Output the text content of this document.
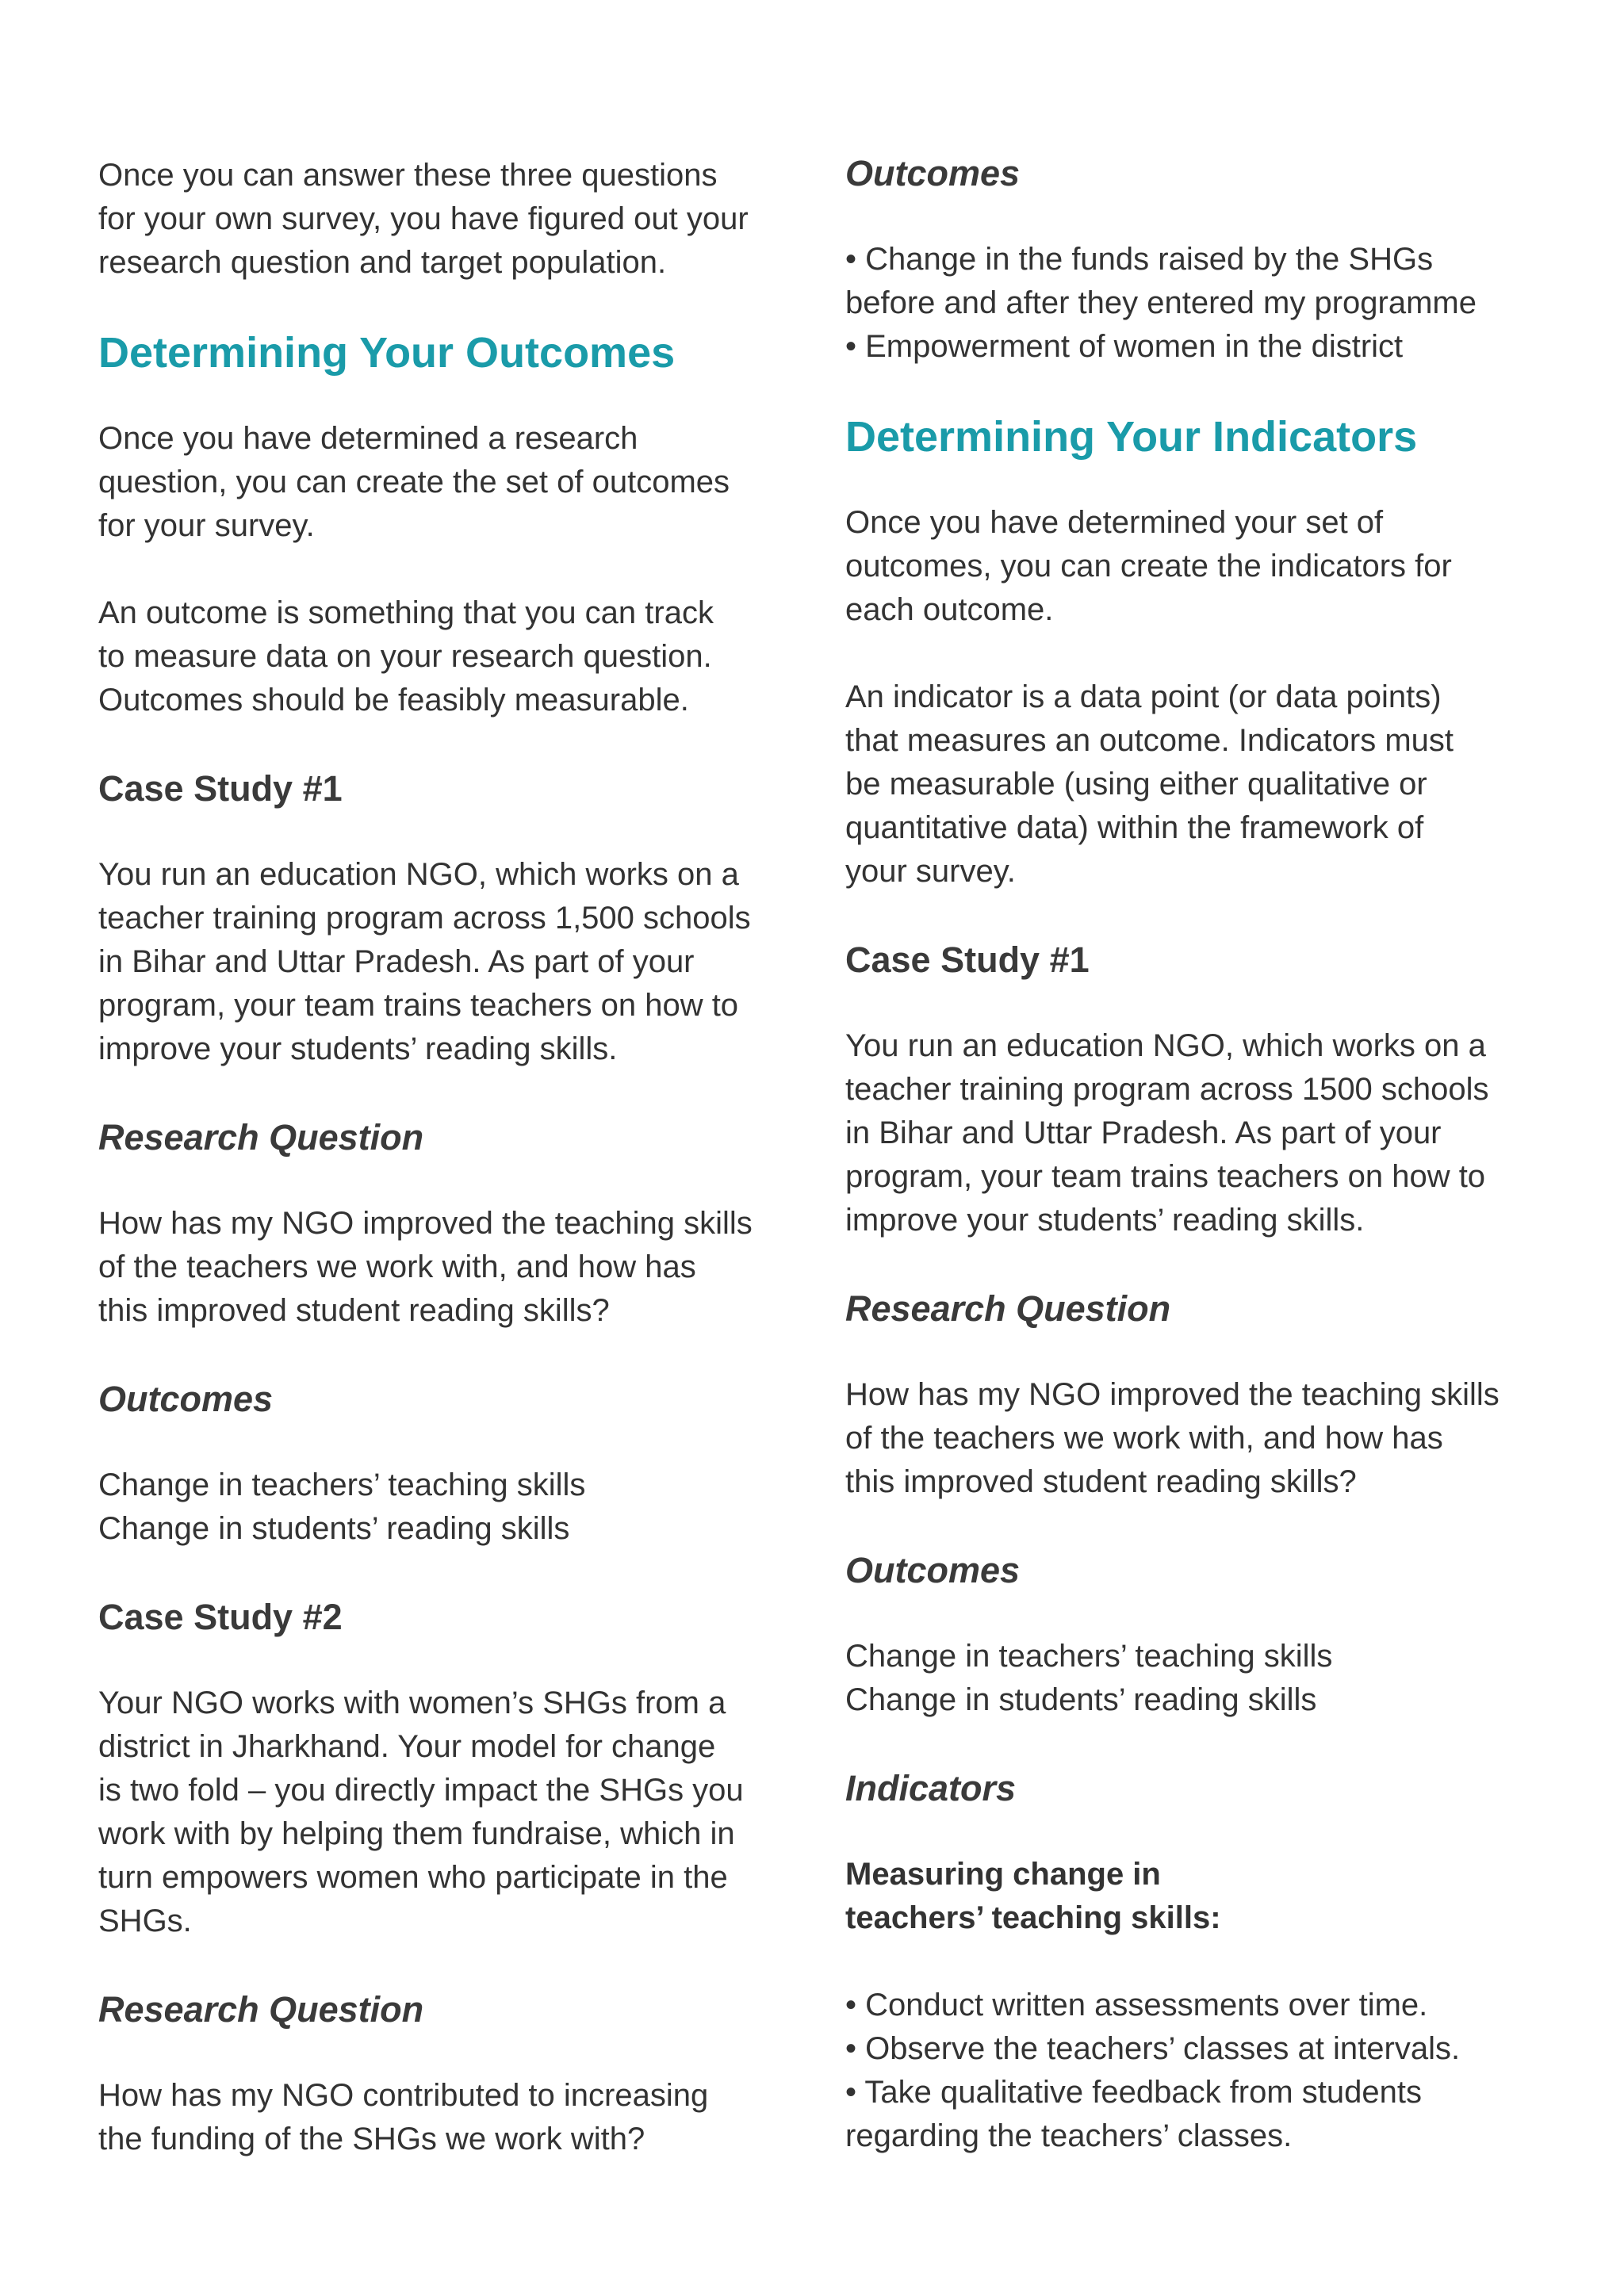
Once you can answer these three questions
for your own survey, you have figured out your
research question and target population.

Determining Your Outcomes

Once you have determined a research
question, you can create the set of outcomes
for your survey.

An outcome is something that you can track
to measure data on your research question.
Outcomes should be feasibly measurable.

Case Study #1

You run an education NGO, which works on a
teacher training program across 1,500 schools
in Bihar and Uttar Pradesh. As part of your
program, your team trains teachers on how to
improve your students’ reading skills.

Research Question

How has my NGO improved the teaching skills
of the teachers we work with, and how has
this improved student reading skills?

Outcomes
Change in teachers’ teaching skills
Change in students’ reading skills
Case Study #2

Your NGO works with women’s SHGs from a
district in Jharkhand. Your model for change
is two fold – you directly impact the SHGs you
work with by helping them fundraise, which in
turn empowers women who participate in the
SHGs.

Research Question

How has my NGO contributed to increasing
the funding of the SHGs we work with?

Outcomes
• Change in the funds raised by the SHGs
before and after they entered my programme
• Empowerment of women in the district
Determining Your Indicators

Once you have determined your set of
outcomes, you can create the indicators for
each outcome.

An indicator is a data point (or data points)
that measures an outcome. Indicators must
be measurable (using either qualitative or
quantitative data) within the framework of
your survey.

Case Study #1

You run an education NGO, which works on a
teacher training program across 1500 schools
in Bihar and Uttar Pradesh. As part of your
program, your team trains teachers on how to
improve your students’ reading skills.

Research Question

How has my NGO improved the teaching skills
of the teachers we work with, and how has
this improved student reading skills?

Outcomes
Change in teachers’ teaching skills
Change in students’ reading skills
Indicators

Measuring change in
teachers’ teaching skills:

• Conduct written assessments over time.
• Observe the teachers’ classes at intervals.
• Take qualitative feedback from students
regarding the teachers’ classes.
